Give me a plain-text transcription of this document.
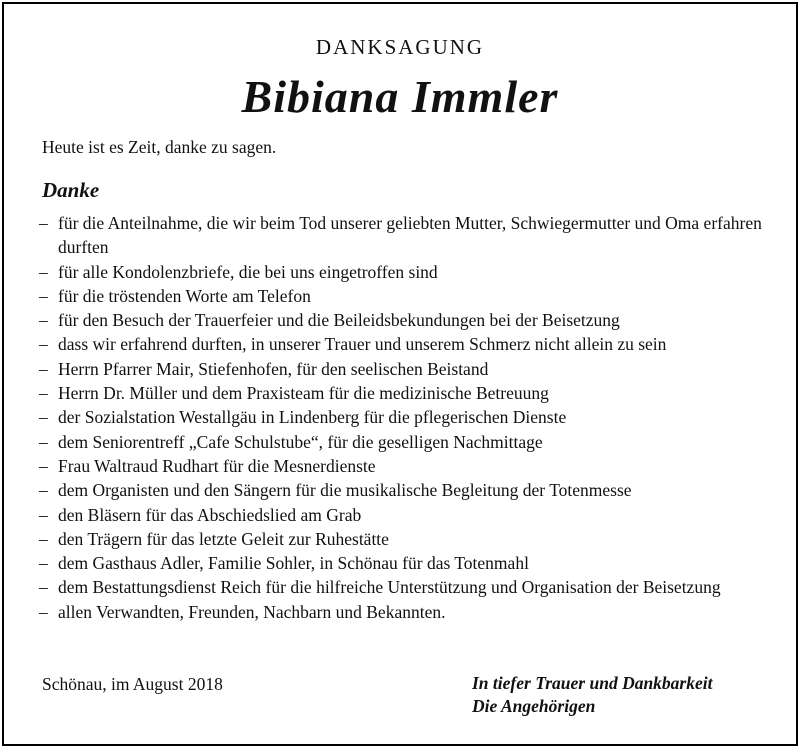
DANKSAGUNG
Bibiana Immler
Heute ist es Zeit, danke zu sagen.
Danke
– für die Anteilnahme, die wir beim Tod unserer geliebten Mutter, Schwiegermutter und Oma erfahren durften
– für alle Kondolenzbriefe, die bei uns eingetroffen sind
– für die tröstenden Worte am Telefon
– für den Besuch der Trauerfeier und die Beileidsbekundungen bei der Beisetzung
– dass wir erfahrend durften, in unserer Trauer und unserem Schmerz nicht allein zu sein
– Herrn Pfarrer Mair, Stiefenhofen, für den seelischen Beistand
– Herrn Dr. Müller und dem Praxisteam für die medizinische Betreuung
– der Sozialstation Westallgäu in Lindenberg für die pflegerischen Dienste
– dem Seniorentreff „Cafe Schulstube“, für die geselligen Nachmittage
– Frau Waltraud Rudhart für die Mesnerdienste
– dem Organisten und den Sängern für die musikalische Begleitung der Totenmesse
– den Bläsern für das Abschiedslied am Grab
– den Trägern für das letzte Geleit zur Ruhestätte
– dem Gasthaus Adler, Familie Sohler, in Schönau für das Totenmahl
– dem Bestattungsdienst Reich für die hilfreiche Unterstützung und Organisation der Beisetzung
– allen Verwandten, Freunden, Nachbarn und Bekannten.
Schönau, im August 2018	In tiefer Trauer und Dankbarkeit
Die Angehörigen
